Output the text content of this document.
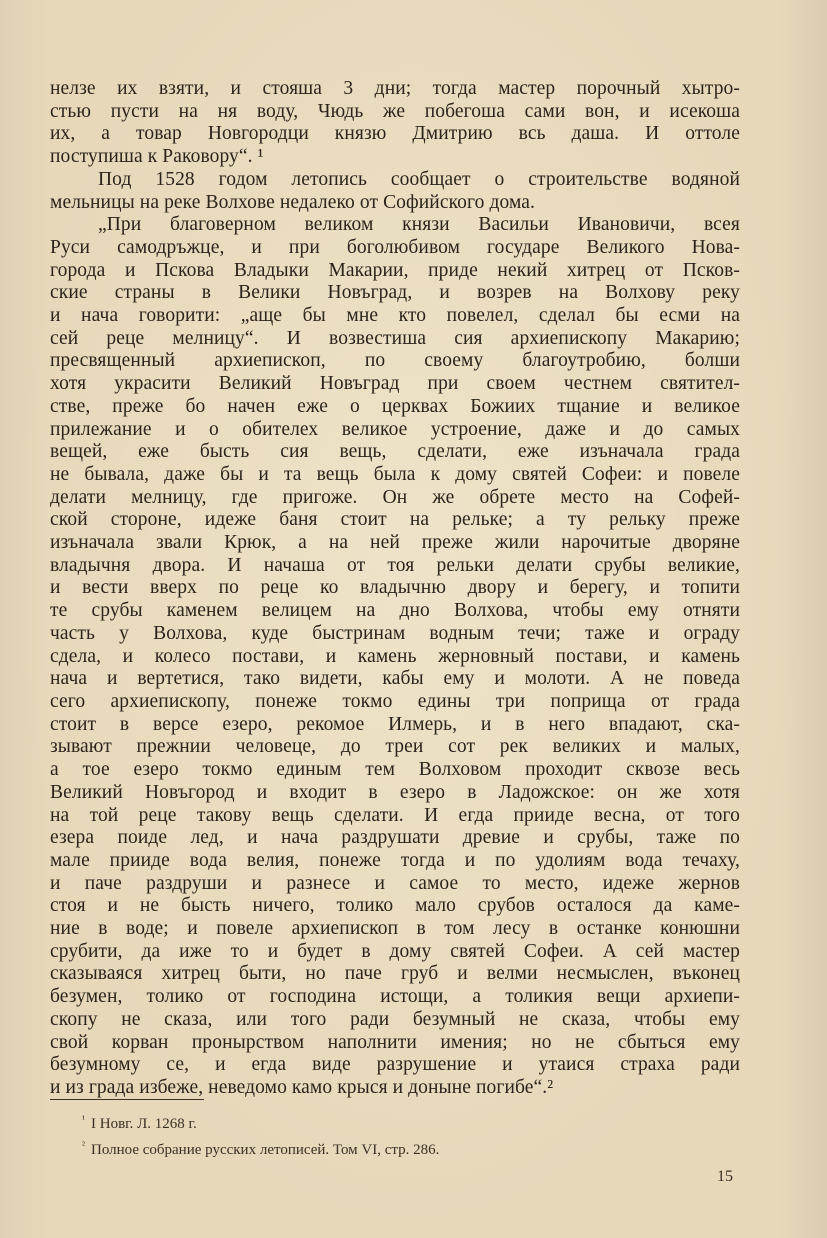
нелзе их взяти, и стояша 3 дни; тогда мастер порочный хытро-
стью пусти на ня воду, Чюдь же побегоша сами вон, и исекоша
их, а товар Новгородци князю Дмитрию всь даша. И оттоле
поступиша к Раковору“. ¹
Под 1528 годом летопись сообщает о строительстве водяной
мельницы на реке Волхове недалеко от Софийского дома.
„При благоверном великом князи Васильи Ивановичи, всея
Руси самодръжце, и при боголюбивом государе Великого Нова-
города и Пскова Владыки Макарии, приде некий хитрец от Псков-
ские страны в Велики Новъград, и возрев на Волхову реку
и нача говорити: „аще бы мне кто повелел, сделал бы есми на
сей реце мелницу“. И возвестиша сия архиепископу Макарию;
пресвященный архиепископ, по своему благоутробию, болши
хотя украсити Великий Новъград при своем честнем святител-
стве, преже бо начен еже о церквах Божиих тщание и великое
прилежание и о обителех великое устроение, даже и до самых
вещей, еже бысть сия вещь, сделати, еже изъначала града
не бывала, даже бы и та вещь была к дому святей Софеи: и повеле
делати мелницу, где пригоже. Он же обрете место на Софей-
ской стороне, идеже баня стоит на рельке; а ту рельку преже
изъначала звали Крюк, а на ней преже жили нарочитые дворяне
владычня двора. И начаша от тоя рельки делати срубы великие,
и вести вверх по реце ко владычню двору и берегу, и топити
те срубы каменем велицем на дно Волхова, чтобы ему отняти
часть у Волхова, куде быстринам водным течи; таже и ограду
сдела, и колесо постави, и камень жерновный постави, и камень
нача и вертетися, тако видети, кабы ему и молоти. А не поведа
сего архиепископу, понеже токмо едины три поприща от града
стоит в версе езеро, рекомое Илмерь, и в него впадают, ска-
зывают прежнии человеце, до треи сот рек великих и малых,
а тое езеро токмо единым тем Волховом проходит сквозе весь
Великий Новъгород и входит в езеро в Ладожское: он же хотя
на той реце такову вещь сделати. И егда прииде весна, от того
езера поиде лед, и нача раздрушати древие и срубы, таже по
мале прииде вода велия, понеже тогда и по удолиям вода течаху,
и паче раздруши и разнесе и самое то место, идеже жернов
стоя и не бысть ничего, толико мало срубов осталося да каме-
ние в воде; и повеле архиепископ в том лесу в останке конюшни
срубити, да иже то и будет в дому святей Софеи. А сей мастер
сказываяся хитрец быти, но паче груб и велми несмыслен, въконец
безумен, толико от господина истощи, а толикия вещи архиепи-
скопу не сказа, или того ради безумный не сказа, чтобы ему
свой корван пронырством наполнити имения; но не сбыться ему
безумному се, и егда виде разрушение и утаися страха ради
и из града избеже, неведомо камо крыся и доныне погибе“.²
$^{^1}$ I Новг. Л. 1268 г.
$^{^2}$ Полное собрание русских летописей. Том VI, стр. 286.
15
